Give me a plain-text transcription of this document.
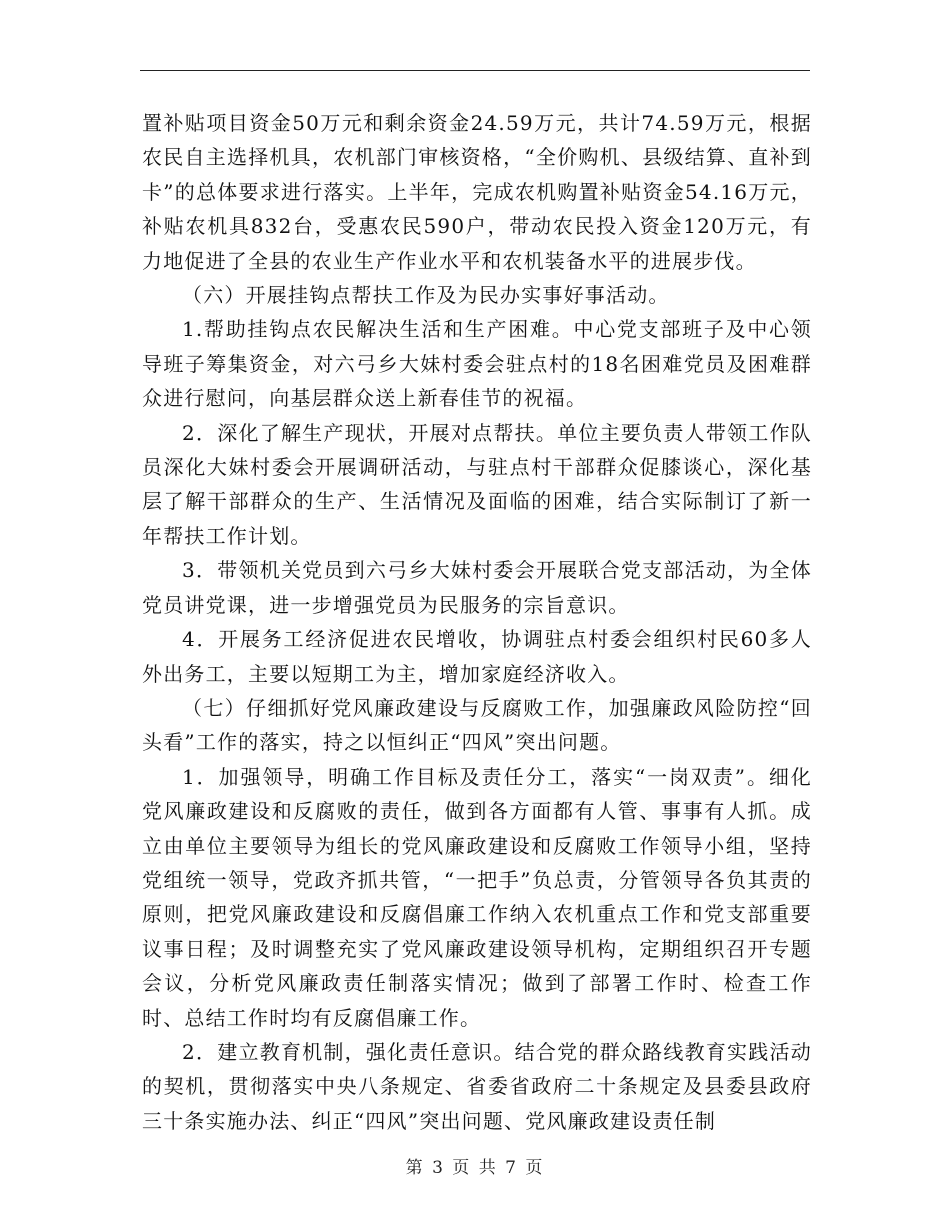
置补贴项目资金50万元和剩余资金24.59万元，共计74.59万元，根据农民自主选择机具，农机部门审核资格，“全价购机、县级结算、直补到卡”的总体要求进行落实。上半年，完成农机购置补贴资金54.16万元，补贴农机具832台，受惠农民590户，带动农民投入资金120万元，有力地促进了全县的农业生产作业水平和农机装备水平的进展步伐。

（六）开展挂钩点帮扶工作及为民办实事好事活动。

1.帮助挂钩点农民解决生活和生产困难。中心党支部班子及中心领导班子筹集资金，对六弓乡大妹村委会驻点村的18名困难党员及困难群众进行慰问，向基层群众送上新春佳节的祝福。

2．深化了解生产现状，开展对点帮扶。单位主要负责人带领工作队员深化大妹村委会开展调研活动，与驻点村干部群众促膝谈心，深化基层了解干部群众的生产、生活情况及面临的困难，结合实际制订了新一年帮扶工作计划。

3．带领机关党员到六弓乡大妹村委会开展联合党支部活动，为全体党员讲党课，进一步增强党员为民服务的宗旨意识。

4．开展务工经济促进农民增收，协调驻点村委会组织村民60多人外出务工，主要以短期工为主，增加家庭经济收入。

（七）仔细抓好党风廉政建设与反腐败工作，加强廉政风险防控“回头看”工作的落实，持之以恒纠正“四风”突出问题。

1．加强领导，明确工作目标及责任分工，落实“一岗双责”。细化党风廉政建设和反腐败的责任，做到各方面都有人管、事事有人抓。成立由单位主要领导为组长的党风廉政建设和反腐败工作领导小组，坚持党组统一领导，党政齐抓共管，“一把手”负总责，分管领导各负其责的原则，把党风廉政建设和反腐倡廉工作纳入农机重点工作和党支部重要议事日程；及时调整充实了党风廉政建设领导机构，定期组织召开专题会议，分析党风廉政责任制落实情况；做到了部署工作时、检查工作时、总结工作时均有反腐倡廉工作。

2．建立教育机制，强化责任意识。结合党的群众路线教育实践活动的契机，贯彻落实中央八条规定、省委省政府二十条规定及县委县政府三十条实施办法、纠正“四风”突出问题、党风廉政建设责任制

第 3 页 共 7 页
